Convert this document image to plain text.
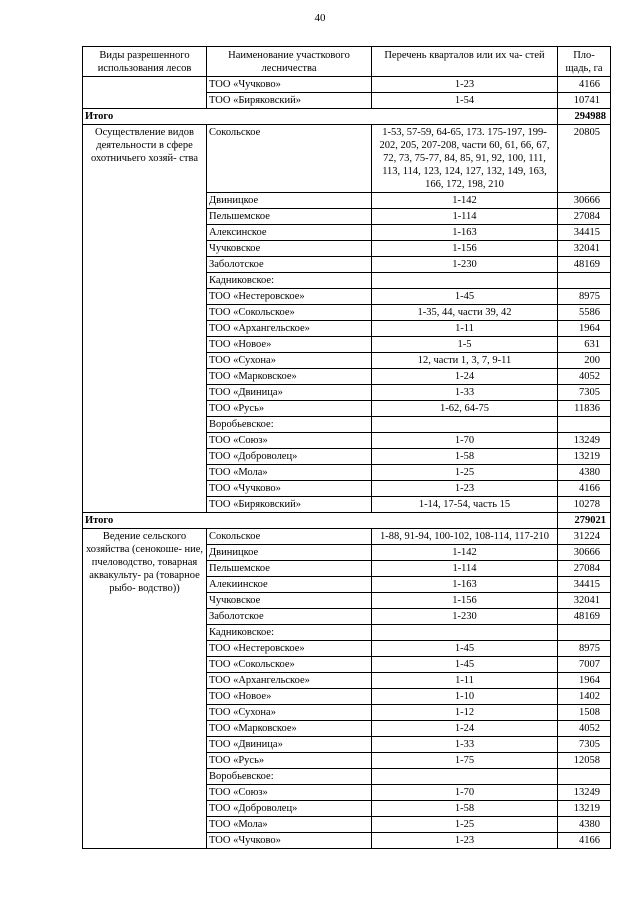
40
Виды разрешенного использования лесов	Наименование участкового лесничества	Перечень кварталов или их ча- стей	Пло- щадь, га
	ТОО «Чучково»	1-23	4166
	ТОО «Биряковский»	1-54	10741
Итого			294988
Осуществление видов деятельности в сфере охотничьего хозяй- ства	Сокольское	1-53, 57-59, 64-65, 173. 175-197, 199-202, 205, 207-208, части 60, 61, 66, 67, 72, 73, 75-77, 84, 85, 91, 92, 100, 111, 113, 114, 123, 124, 127, 132, 149, 163, 166, 172, 198, 210	20805
	Двиницкое	1-142	30666
	Пельшемское	1-114	27084
	Алексинское	1-163	34415
	Чучковское	1-156	32041
	Заболотское	1-230	48169
	Кадниковское:		
	ТОО «Нестеровское»	1-45	8975
	ТОО «Сокольское»	1-35, 44, части 39, 42	5586
	ТОО «Архангельское»	1-11	1964
	ТОО «Новое»	1-5	631
	ТОО «Сухона»	12, части 1, 3, 7, 9-11	200
	ТОО «Марковское»	1-24	4052
	ТОО «Двиница»	1-33	7305
	ТОО «Русь»	1-62, 64-75	11836
	Воробьевское:		
	ТОО «Союз»	1-70	13249
	ТОО «Доброволец»	1-58	13219
	ТОО «Мола»	1-25	4380
	ТОО «Чучково»	1-23	4166
	ТОО «Биряковский»	1-14, 17-54, часть 15	10278
Итого			279021
Ведение сельского хозяйства (сенокоше- ние, пчеловодство, товарная аквакульту- ра (товарное рыбо- водство))	Сокольское	1-88, 91-94, 100-102, 108-114, 117-210	31224
	Двиницкое	1-142	30666
	Пельшемское	1-114	27084
	Алекиинское	1-163	34415
	Чучковское	1-156	32041
	Заболотское	1-230	48169
	Кадниковское:		
	ТОО «Нестеровское»	1-45	8975
	ТОО «Сокольское»	1-45	7007
	ТОО «Архангельское»	1-11	1964
	ТОО «Новое»	1-10	1402
	ТОО «Сухона»	1-12	1508
	ТОО «Марковское»	1-24	4052
	ТОО «Двиница»	1-33	7305
	ТОО «Русь»	1-75	12058
	Воробьевское:		
	ТОО «Союз»	1-70	13249
	ТОО «Доброволец»	1-58	13219
	ТОО «Мола»	1-25	4380
	ТОО «Чучково»	1-23	4166
